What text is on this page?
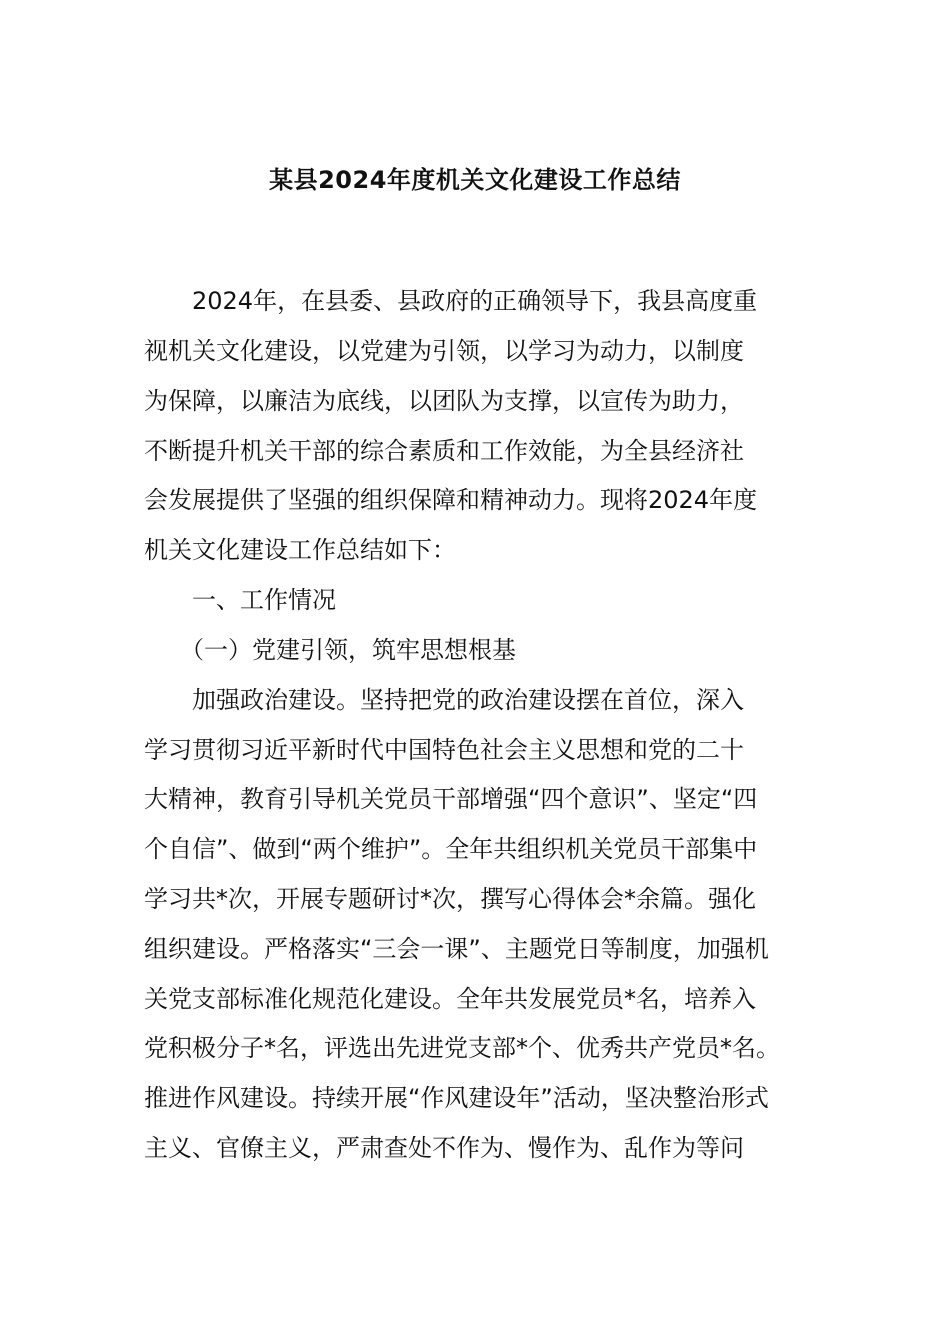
某县2024年度机关文化建设工作总结
　　2024年，在县委、县政府的正确领导下，我县高度重
视机关文化建设，以党建为引领，以学习为动力，以制度
为保障，以廉洁为底线，以团队为支撑，以宣传为助力，
不断提升机关干部的综合素质和工作效能，为全县经济社
会发展提供了坚强的组织保障和精神动力。现将2024年度
机关文化建设工作总结如下：
　　一、工作情况
　　（一）党建引领，筑牢思想根基
　　加强政治建设。坚持把党的政治建设摆在首位，深入
学习贯彻习近平新时代中国特色社会主义思想和党的二十
大精神，教育引导机关党员干部增强“四个意识”、坚定“四
个自信”、做到“两个维护”。全年共组织机关党员干部集中
学习共*次，开展专题研讨*次，撰写心得体会*余篇。强化
组织建设。严格落实“三会一课”、主题党日等制度，加强机
关党支部标准化规范化建设。全年共发展党员*名，培养入
党积极分子*名，评选出先进党支部*个、优秀共产党员*名。
推进作风建设。持续开展“作风建设年”活动，坚决整治形式
主义、官僚主义，严肃查处不作为、慢作为、乱作为等问
